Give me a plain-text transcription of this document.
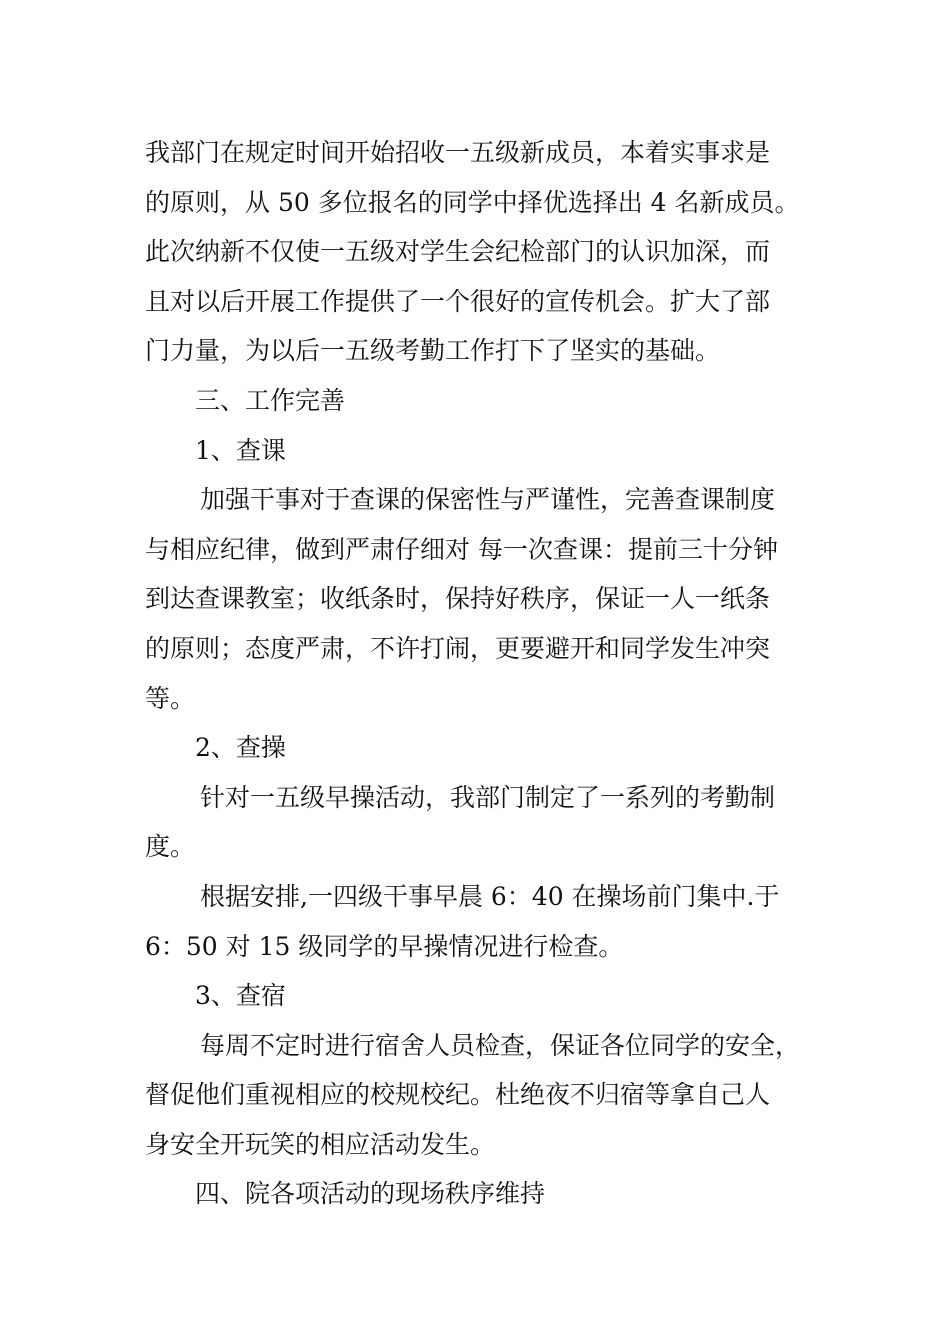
我部门在规定时间开始招收一五级新成员，本着实事求是
的原则，从 50 多位报名的同学中择优选择出 4 名新成员。
此次纳新不仅使一五级对学生会纪检部门的认识加深，而
且对以后开展工作提供了一个很好的宣传机会。扩大了部
门力量，为以后一五级考勤工作打下了坚实的基础。

三、工作完善

1、查课

加强干事对于查课的保密性与严谨性，完善查课制度
与相应纪律，做到严肃仔细对 每一次查课：提前三十分钟
到达查课教室；收纸条时，保持好秩序，保证一人一纸条
的原则；态度严肃，不许打闹，更要避开和同学发生冲突
等。

2、查操

针对一五级早操活动，我部门制定了一系列的考勤制
度。

根据安排,一四级干事早晨 6：40 在操场前门集中.于
6：50 对 15 级同学的早操情况进行检查。

3、查宿

每周不定时进行宿舍人员检查，保证各位同学的安全，
督促他们重视相应的校规校纪。杜绝夜不归宿等拿自己人
身安全开玩笑的相应活动发生。

四、院各项活动的现场秩序维持
